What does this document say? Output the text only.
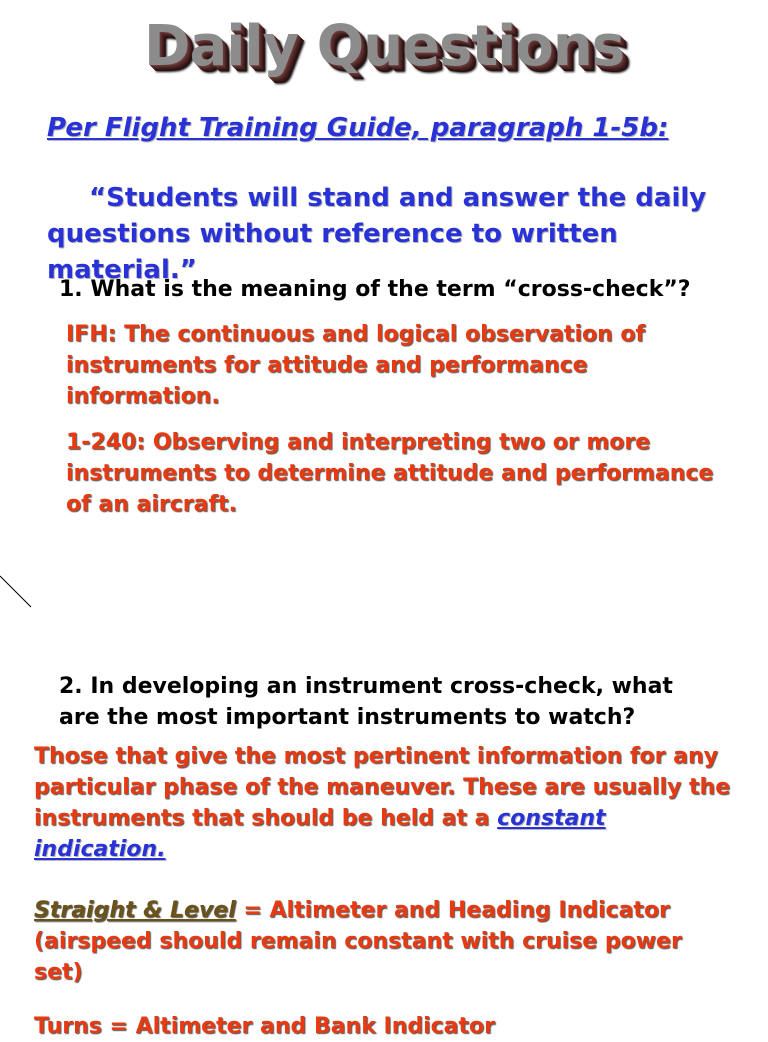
Daily Questions
Per Flight Training Guide, paragraph 1-5b:
“Students will stand and answer the daily questions without reference to written material.”
1. What is the meaning of the term “cross-check”?
IFH: The continuous and logical observation of instruments for attitude and performance information.
1-240: Observing and interpreting two or more instruments to determine attitude and performance of an aircraft.
2. In developing an instrument cross-check, what are the most important instruments to watch?
Those that give the most pertinent information for any particular phase of the maneuver. These are usually the instruments that should be held at a constant indication.
Straight & Level = Altimeter and Heading Indicator (airspeed should remain constant with cruise power set)
Turns = Altimeter and Bank Indicator
